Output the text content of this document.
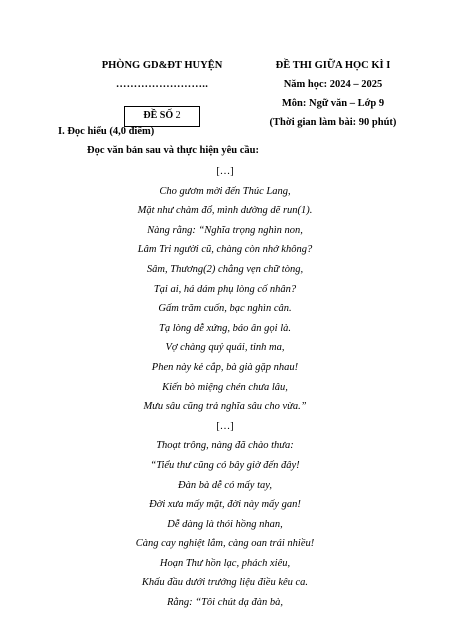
PHÒNG GD&ĐT HUYỆN
……………………..
ĐỀ SỐ 2
ĐỀ THI GIỮA HỌC KÌ I
Năm học: 2024 – 2025
Môn: Ngữ văn – Lớp 9
(Thời gian làm bài: 90 phút)
I. Đọc hiểu (4,0 điểm)
Đọc văn bản sau và thực hiện yêu cầu:
[…]
Cho gươm mời đến Thúc Lang,
Mặt như chàm đổ, mình dường dẽ run(1).
Nàng rằng: “Nghĩa trọng nghìn non,
Lâm Tri người cũ, chàng còn nhớ không?
Sâm, Thương(2) chẳng vẹn chữ tòng,
Tại ai, há dám phụ lòng cố nhân?
Gấm trăm cuốn, bạc nghìn cân.
Tạ lòng dễ xứng, báo ân gọi là.
Vợ chàng quỷ quái, tinh ma,
Phen này kẻ cắp, bà già gặp nhau!
Kiến bò miệng chén chưa lâu,
Mưu sâu cũng trả nghĩa sâu cho vừa.”
[…]
Thoạt trông, nàng đã chào thưa:
“Tiểu thư cũng có bây giờ đến đây!
Đàn bà dễ có mấy tay,
Đời xưa mấy mặt, đời này mấy gan!
Dễ dàng là thói hồng nhan,
Càng cay nghiệt lắm, càng oan trái nhiều!
Hoạn Thư hồn lạc, phách xiêu,
Khấu đầu dưới trướng liệu điều kêu ca.
Rằng: “Tôi chút dạ đàn bà,
